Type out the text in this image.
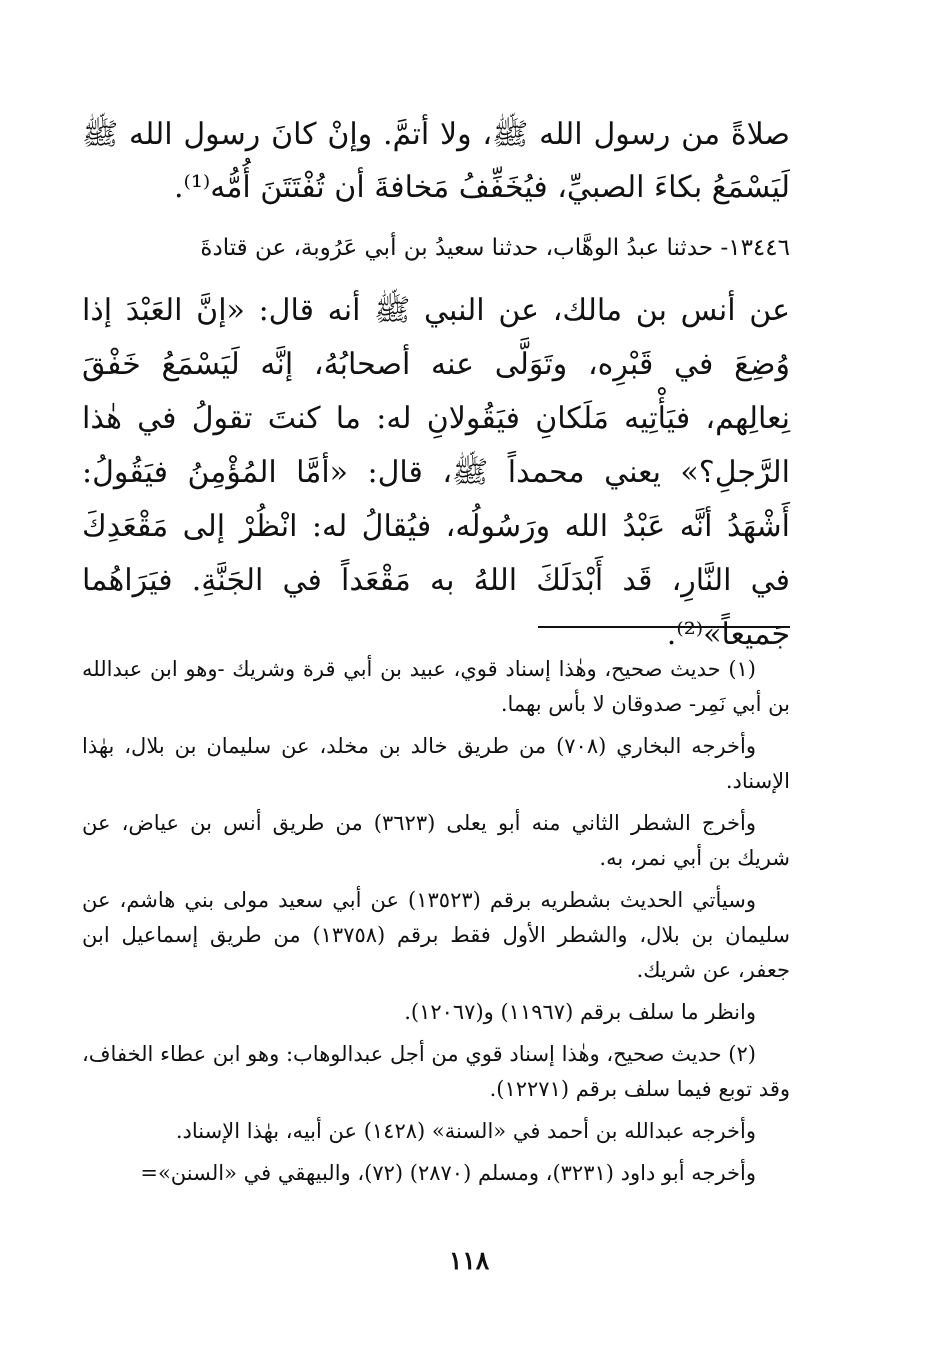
صلاةً من رسول الله ﷺ، ولا أتمَّ. وإنْ كانَ رسول الله ﷺ لَيَسْمَعُ بكاءَ الصبيِّ، فيُخَفِّفُ مَخافةَ أن تُفْتَتَنَ أُمُّه⁽¹⁾.

١٣٤٤٦- حدثنا عبدُ الوهَّاب، حدثنا سعيدُ بن أبي عَرُوبة، عن قتادةَ
عن أنس بن مالك، عن النبي ﷺ أنه قال: «إنَّ العَبْدَ إذا وُضِعَ في قَبْرِه، وتَوَلَّى عنه أصحابُهُ، إنَّه لَيَسْمَعُ خَفْقَ نِعالِهم، فيَأْتِيه مَلَكانِ فيَقُولانِ له: ما كنتَ تقولُ في هٰذا الرَّجلِ؟» يعني محمداً ﷺ، قال: «أمَّا المُؤْمِنُ فيَقُولُ: أَشْهَدُ أنَّه عَبْدُ الله ورَسُولُه، فيُقالُ له: انْظُرْ إلى مَقْعَدِكَ في النَّارِ، قَد أَبْدَلَكَ اللهُ به مَقْعَداً في الجَنَّةِ. فيَرَاهُما جَميعاً»⁽²⁾.

(١) حديث صحيح، وهٰذا إسناد قوي، عبيد بن أبي قرة وشريك -وهو ابن عبدالله بن أبي نَمِر- صدوقان لا بأس بهما.

وأخرجه البخاري (٧٠٨) من طريق خالد بن مخلد، عن سليمان بن بلال، بهٰذا الإسناد.

وأخرج الشطر الثاني منه أبو يعلى (٣٦٢٣) من طريق أنس بن عياض، عن شريك بن أبي نمر، به.

وسيأتي الحديث بشطريه برقم (١٣٥٢٣) عن أبي سعيد مولى بني هاشم، عن سليمان بن بلال، والشطر الأول فقط برقم (١٣٧٥٨) من طريق إسماعيل ابن جعفر، عن شريك.

وانظر ما سلف برقم (١١٩٦٧) و(١٢٠٦٧).

(٢) حديث صحيح، وهٰذا إسناد قوي من أجل عبدالوهاب: وهو ابن عطاء الخفاف، وقد توبع فيما سلف برقم (١٢٢٧١).

وأخرجه عبدالله بن أحمد في «السنة» (١٤٢٨) عن أبيه، بهٰذا الإسناد.

وأخرجه أبو داود (٣٢٣١)، ومسلم (٢٨٧٠) (٧٢)، والبيهقي في «السنن»=

١١٨
